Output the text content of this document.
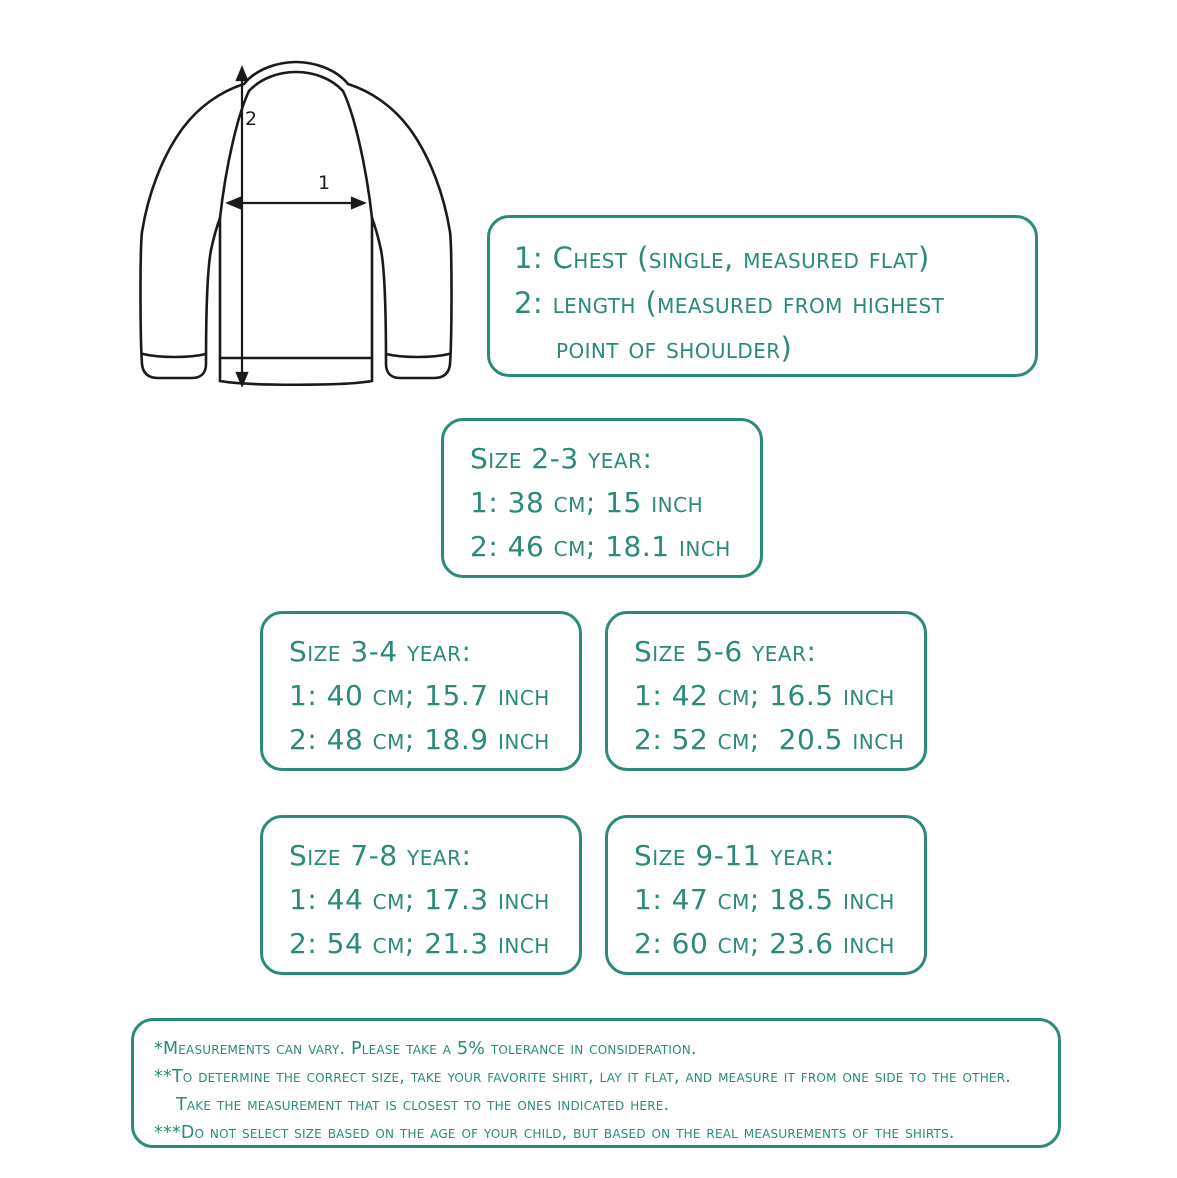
1
2
1: Chest (single, measured flat)
2: length (measured from highest
point of shoulder)
Size 2-3 year:
1: 38 cm; 15 inch
2: 46 cm; 18.1 inch
Size 3-4 year:
1: 40 cm; 15.7 inch
2: 48 cm; 18.9 inch
Size 5-6 year:
1: 42 cm; 16.5 inch
2: 52 cm;  20.5 inch
Size 7-8 year:
1: 44 cm; 17.3 inch
2: 54 cm; 21.3 inch
Size 9-11 year:
1: 47 cm; 18.5 inch
2: 60 cm; 23.6 inch
*Measurements can vary. Please take a 5% tolerance in consideration.
**To determine the correct size, take your favorite shirt, lay it flat, and measure it from one side to the other.
Take the measurement that is closest to the ones indicated here.
***Do not select size based on the age of your child, but based on the real measurements of the shirts.
